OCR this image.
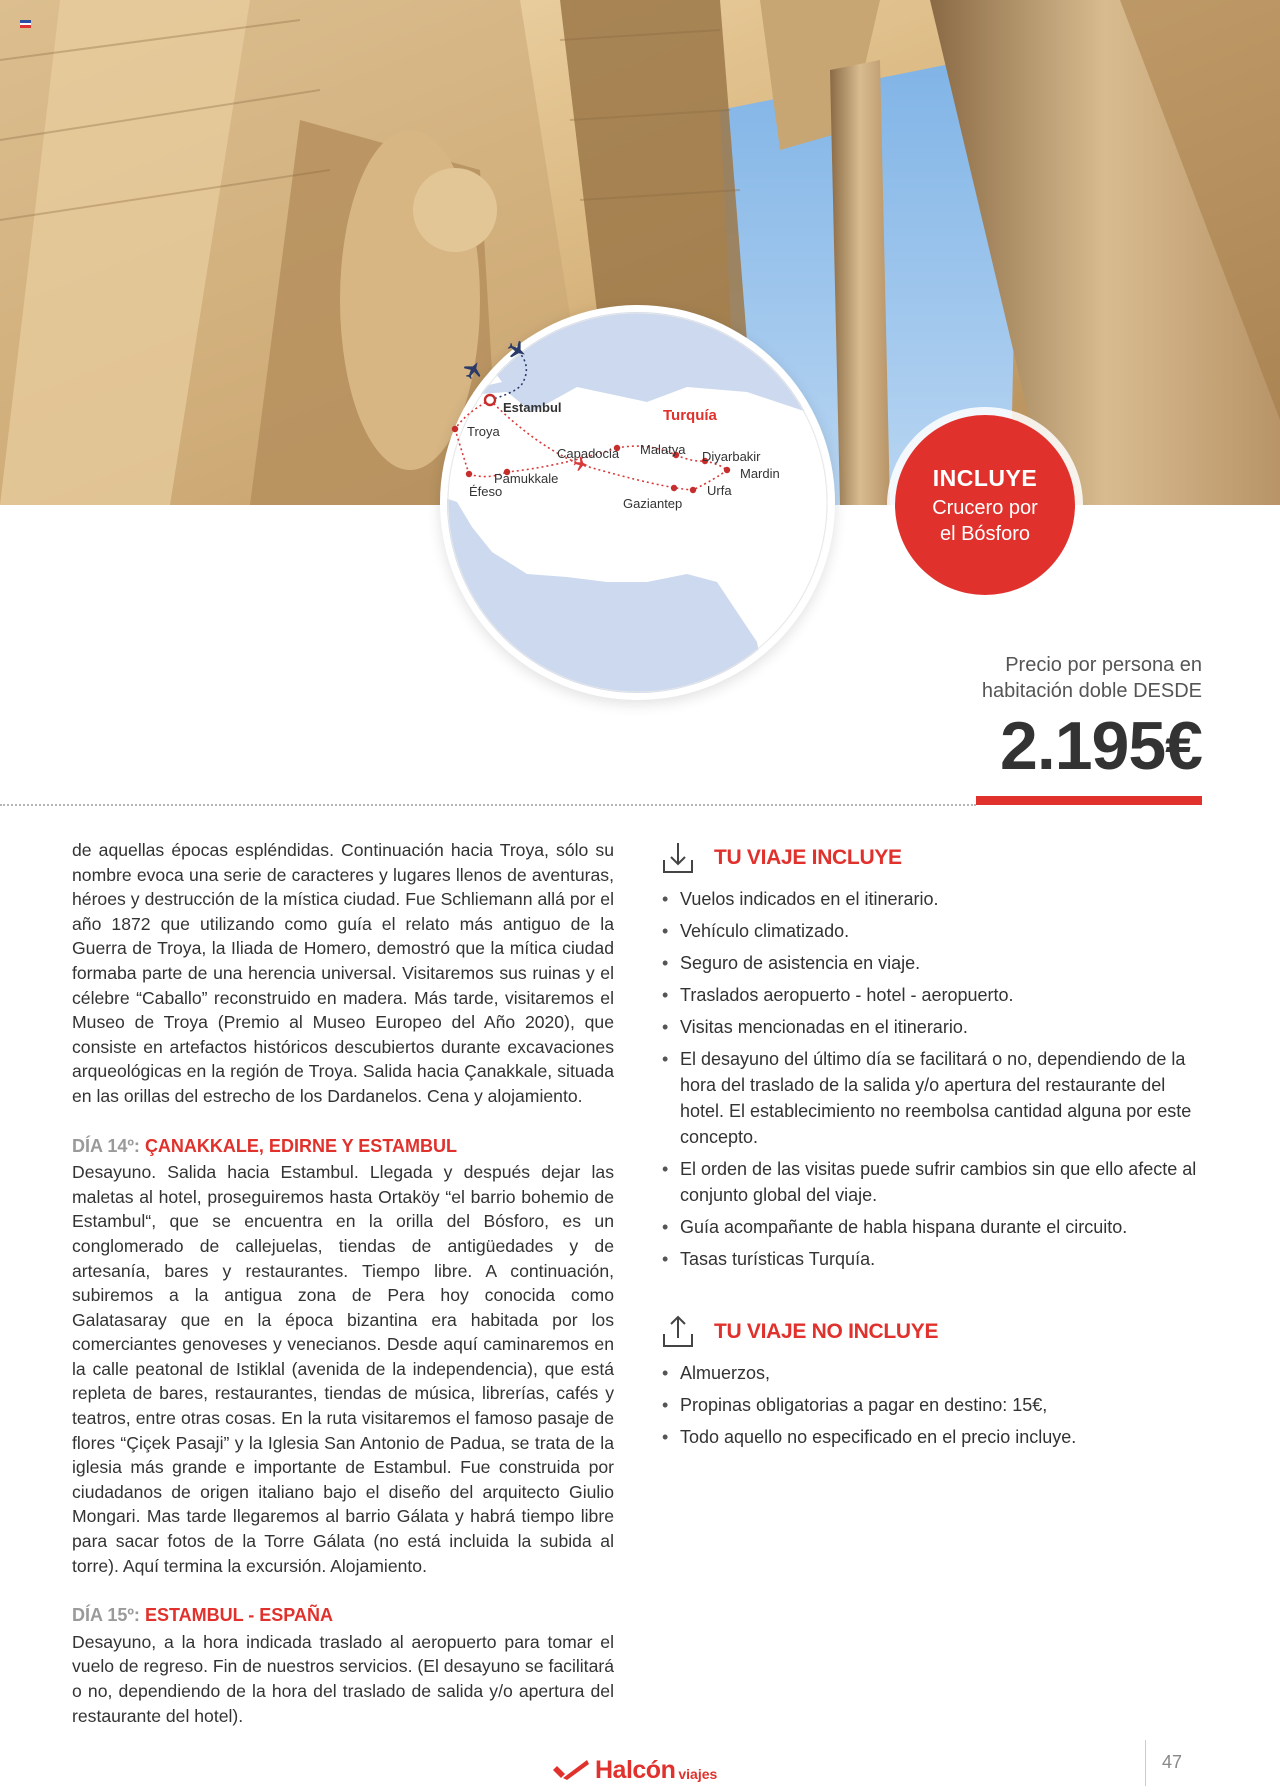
Estambul
Troya
Éfeso
Pamukkale
Capadocia Malatya Diyarbakir
Mardin
Urfa
Gaziantep
Turquía
INCLUYE
Crucero por
el Bósforo
Precio por persona en
habitación doble DESDE
2.195€

de aquellas épocas espléndidas. Continuación hacia Troya, sólo su nombre evoca una serie de caracteres y lugares llenos de aventuras, héroes y destrucción de la mística ciudad. Fue Schliemann allá por el año 1872 que utilizando como guía el relato más antiguo de la Guerra de Troya, la Iliada de Homero, demostró que la mítica ciudad formaba parte de una herencia universal. Visitaremos sus ruinas y el célebre “Caballo” reconstruido en madera. Más tarde, visitaremos el Museo de Troya (Premio al Museo Europeo del Año 2020), que consiste en artefactos históricos descubiertos durante excavaciones arqueológicas en la región de Troya. Salida hacia Çanakkale, situada en las orillas del estrecho de los Dardanelos. Cena y alojamiento.

DÍA 14º: ÇANAKKALE, EDIRNE Y ESTAMBUL

Desayuno. Salida hacia Estambul. Llegada y después dejar las maletas al hotel, proseguiremos hasta Ortaköy “el barrio bohemio de Estambul“, que se encuentra en la orilla del Bósforo, es un conglomerado de callejuelas, tiendas de antigüedades y de artesanía, bares y restaurantes. Tiempo libre. A continuación, subiremos a la antigua zona de Pera hoy conocida como Galatasaray que en la época bizantina era habitada por los comerciantes genoveses y venecianos. Desde aquí caminaremos en la calle peatonal de Istiklal (avenida de la independencia), que está repleta de bares, restaurantes, tiendas de música, librerías, cafés y teatros, entre otras cosas. En la ruta visitaremos el famoso pasaje de flores “Çiçek Pasaji” y la Iglesia San Antonio de Padua, se trata de la iglesia más grande e importante de Estambul. Fue construida por ciudadanos de origen italiano bajo el diseño del arquitecto Giulio Mongari. Mas tarde llegaremos al barrio Gálata y habrá tiempo libre para sacar fotos de la Torre Gálata (no está incluida la subida al torre). Aquí termina la excursión. Alojamiento.

DÍA 15º: ESTAMBUL - ESPAÑA

Desayuno, a la hora indicada traslado al aeropuerto para tomar el vuelo de regreso. Fin de nuestros servicios. (El desayuno se facilitará o no, dependiendo de la hora del traslado de salida y/o apertura del restaurante del hotel).

TU VIAJE INCLUYE
• Vuelos indicados en el itinerario.
• Vehículo climatizado.
• Seguro de asistencia en viaje.
• Traslados aeropuerto - hotel - aeropuerto.
• Visitas mencionadas en el itinerario.
• El desayuno del último día se facilitará o no, dependiendo de la hora del traslado de la salida y/o apertura del restaurante del hotel. El establecimiento no reembolsa cantidad alguna por este concepto.
• El orden de las visitas puede sufrir cambios sin que ello afecte al conjunto global del viaje.
• Guía acompañante de habla hispana durante el circuito.
• Tasas turísticas Turquía.
TU VIAJE NO INCLUYE
• Almuerzos,
• Propinas obligatorias a pagar en destino: 15€,
• Todo aquello no especificado en el precio incluye.
Halcón viajes
47
